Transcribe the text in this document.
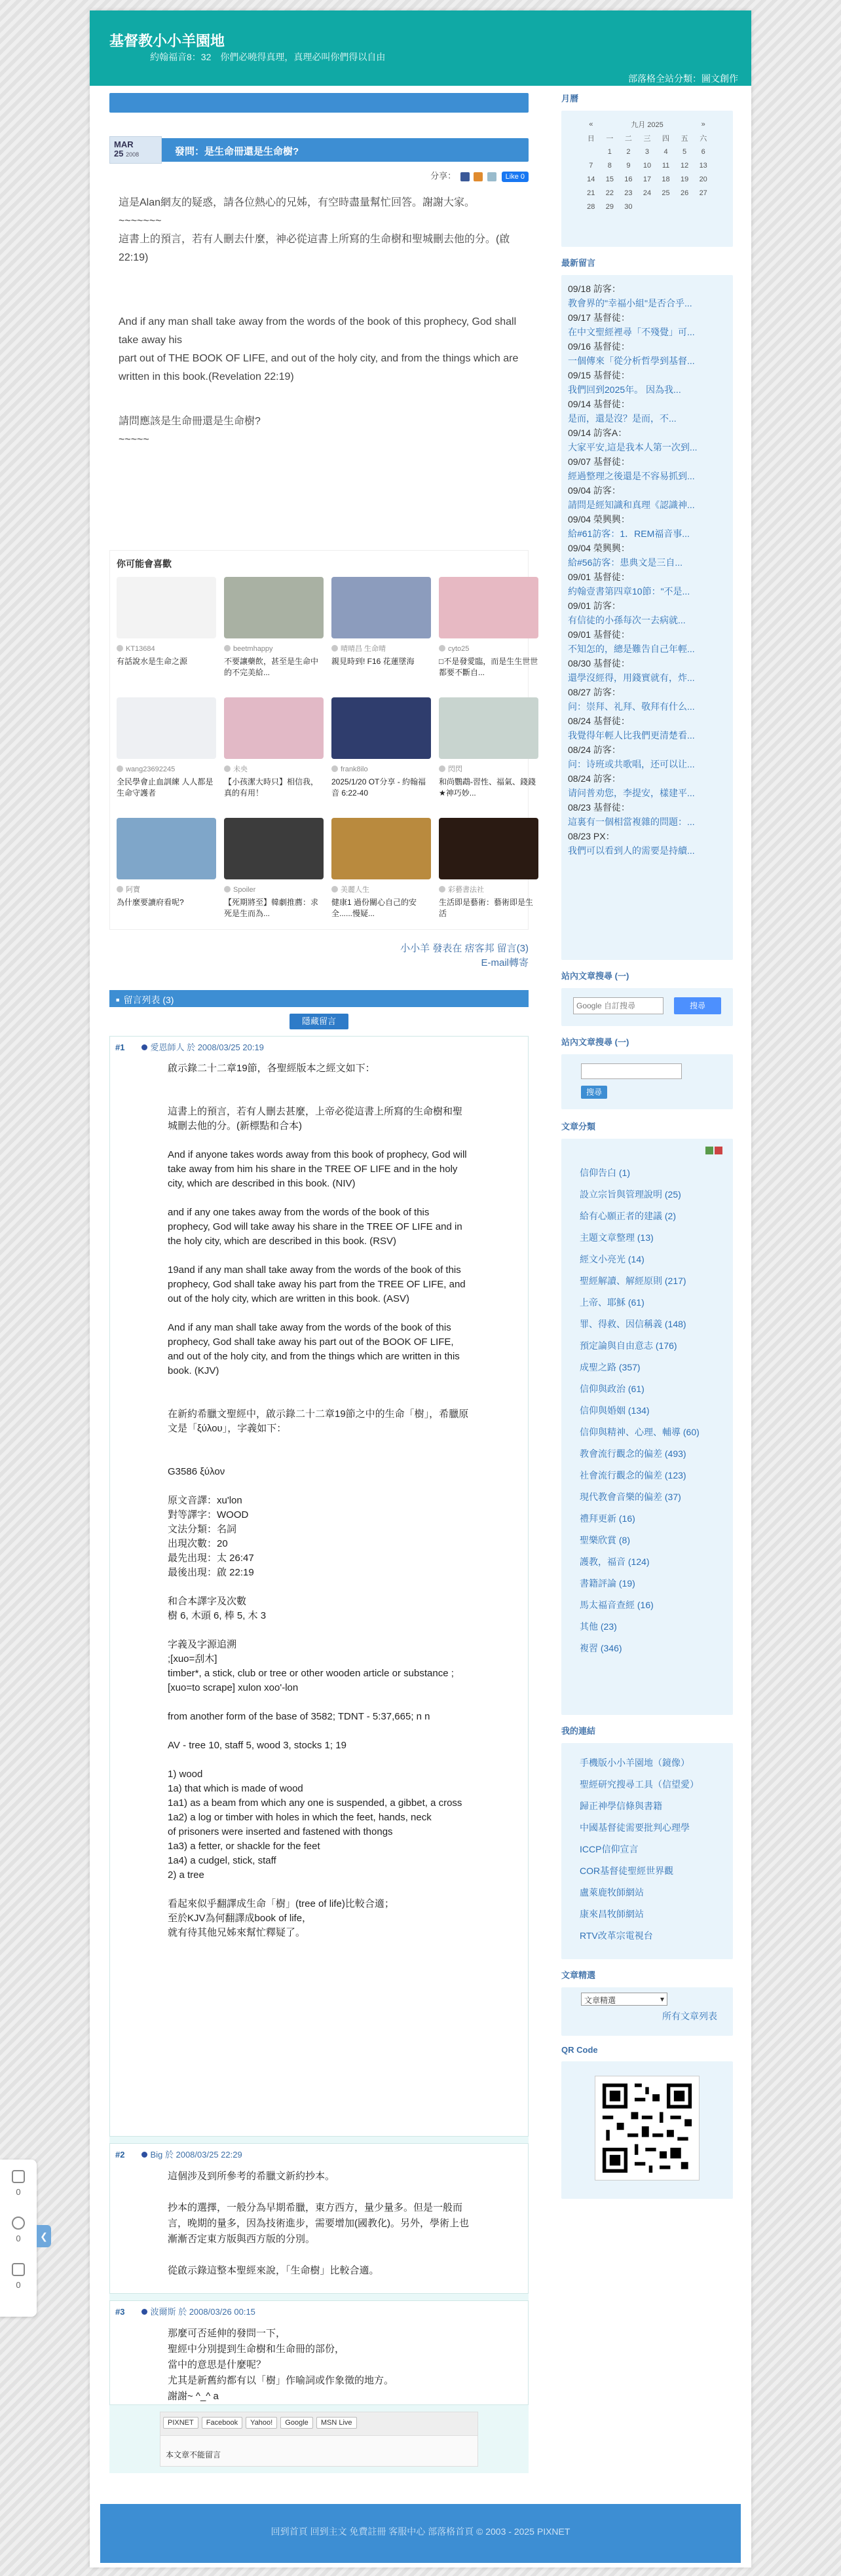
基督教小小羊園地
約翰福音8：32　你們必曉得真理，真理必叫你們得以自由
部落格全站分類：圖文創作
MAR
25 2008	發問：是生命冊還是生命樹?
分享：	Like 0

這是Alan網友的疑惑，請各位熱心的兄姊，有空時盡量幫忙回答。謝謝大家。
~~~~~~~
這書上的預言，若有人刪去什麼，神必從這書上所寫的生命樹和聖城刪去他的分。(啟22:19)

And if any man shall take away from the words of the book of this prophecy, God shall take away his
part out of THE BOOK OF LIFE, and out of the holy city, and from the things which are written in this book.(Revelation 22:19)

請問應該是生命冊還是生命樹?
~~~~~

你可能會喜歡
KT13684
有話說水是生命之源
beetmhappy
不要讓藥飲，甚至是生命中的不完美給...
晴晴昌 生命晴
親見時到! F16 花蓮墜海
cyto25
□不是發愛臨，而是生生世世都要不斷自...
wang23692245
全民學會止血訓練 人人都是生命守護者
未央
【小孩潔大時只】相信我，真的有用！
frank8ilo
2025/1/20 OT分享 - 約翰福音 6:22-40
閃閃
和尚鸚鵡-習性、福氣、錢錢★神巧妙...
阿寶
為什麼要讀府看呢?
Spoiler
【死期將至】韓劇推薦：求死是生而為...
美麗人生
健康1 過份關心自己的安全......慢疑...
彩藝書法社
生活即是藝術：藝術即是生活
小小羊 發表在 痞客邦 留言(3)
E-mail轉寄
■ 留言列表 (3)
隱藏留言
#1	愛恩師人 於 2008/03/25 20:19
啟示錄二十二章19節，各聖經版本之經文如下：

這書上的預言，若有人刪去甚麼，上帝必從這書上所寫的生命樹和聖城刪去他的分。(新標點和合本)

And if anyone takes words away from this book of prophecy, God will take away from him his share in the TREE OF LIFE and in the holy city, which are described in this book. (NIV)

and if any one takes away from the words of the book of this prophecy, God will take away his share in the TREE OF LIFE and in the holy city, which are described in this book. (RSV)

19and if any man shall take away from the words of the book of this prophecy, God shall take away his part from the TREE OF LIFE, and out of the holy city, which are written in this book. (ASV)

And if any man shall take away from the words of the book of this prophecy, God shall take away his part out of the BOOK OF LIFE, and out of the holy city, and from the things which are written in this book. (KJV)

在新約希臘文聖經中，啟示錄二十二章19節之中的生命「樹」，希臘原文是「ξύλου」，字義如下：

G3586 ξύλον

原文音譯：xu'lon
對等譯字：WOOD
文法分類：名詞
出現次數：20
最先出現：太 26:47
最後出現：啟 22:19

和合本譯字及次數
樹 6, 木頭 6, 棒 5, 木 3

字義及字源追溯
;[xuo=刮木]
timber*, a stick, club or tree or other wooden article or substance ;[xuo=to scrape] xulon xoo'-lon

from another form of the base of 3582; TDNT - 5:37,665; n n

AV - tree 10, staff 5, wood 3, stocks 1; 19

1) wood
1a) that which is made of wood
1a1) as a beam from which any one is suspended, a gibbet, a cross
1a2) a log or timber with holes in which the feet, hands, neck
of prisoners were inserted and fastened with thongs
1a3) a fetter, or shackle for the feet
1a4) a cudgel, stick, staff
2) a tree

看起來似乎翻譯成生命「樹」(tree of life)比較合適；
至於KJV為何翻譯成book of life，
就有待其他兄姊來幫忙釋疑了。
#2	Big 於 2008/03/25 22:29
這個涉及到所參考的希臘文新約抄本。

抄本的選擇，一般分為早期希臘，東方西方，量少量多。但是一般而言，晚期的量多，因為技術進步，需要增加(國教化)。另外，學術上也漸漸否定東方版與西方版的分別。

從啟示錄這整本聖經來說，「生命樹」比較合適。
#3	波爾斯 於 2008/03/26 00:15
那麼可否延伸的發問一下，
聖經中分別提到生命樹和生命冊的部份，
當中的意思是什麼呢？
尤其是新舊約都有以「樹」作喻詞或作象徵的地方。
謝謝~ ^_^ a
PIXNET Facebook Yahoo! Google MSN Live
本文章不能留言
月曆
«	九月 2025					»
日	一	二	三	四	五	六
	1	2	3	4	5	6
7	8	9	10	11	12	13
14	15	16	17	18	19	20
21	22	23	24	25	26	27
28	29	30				
最新留言
09/18 訪客：
教會界的"幸福小組"是否合乎...
09/17 基督徒：
在中文聖經裡尋「不殘覺」可...
09/16 基督徒：
一個傳來「從分析哲學到基督...
09/15 基督徒：
我們回到2025年。 因為我...
09/14 基督徒：
是而，還是沒？是而，不...
09/14 訪客A：
大家平安,這是我本人第一次到...
09/07 基督徒：
經過整理之後還是不容易抓到...
09/04 訪客：
請問是經知識和真理《認識神...
09/04 榮興興：
給#61訪客：1．REM福音事...
09/04 榮興興：
給#56訪客：患典文是三自...
09/01 基督徒：
約翰壹書第四章10節："不是...
09/01 訪客：
有信徒的小孫每次一去病就...
09/01 基督徒：
不知怎的，總是難告自己年輕...
08/30 基督徒：
還學沒經得，用錢實就有，炸...
08/27 訪客：
问：崇拜、礼拜、敬拜有什么...
08/24 基督徒：
我覺得年輕人比我們更清楚看...
08/24 訪客：
问：诗班或共歌唱，还可以让...
08/24 訪客：
请问普劝您，李提安，樣建平...
08/23 基督徒：
這裏有一個相當複雜的問題：...
08/23 PX：
我們可以看到人的需要是持續...
站內文章搜尋 (一)
Google 自訂搜尋
搜尋
站內文章搜尋 (一)
搜尋
文章分類
信仰告白 (1)
設立宗旨與管理說明 (25)
給有心願正者的建議 (2)
主題文章整理 (13)
經文小亮光 (14)
聖經解讀、解經原則 (217)
上帝、耶穌 (61)
罪、得救、因信稱義 (148)
預定論與自由意志 (176)
成聖之路 (357)
信仰與政治 (61)
信仰與婚姻 (134)
信仰與精神、心理、輔導 (60)
教會流行觀念的偏差 (493)
社會流行觀念的偏差 (123)
現代教會音樂的偏差 (37)
禮拜更新 (16)
聖樂欣賞 (8)
護教，福音 (124)
書籍評論 (19)
馬太福音查經 (16)
其他 (23)
複習 (346)
我的連結
手機版小小羊園地（鏡像）
聖經研究搜尋工具（信望愛）
歸正神學信條與書籍
中國基督徒需要批判心理學
ICCP信仰宣言
COR基督徒聖經世界觀
盧萊鹿牧師網站
康來昌牧師網站
RTV改革宗電視台
文章精選
文章精選	▾
所有文章列表
QR Code
回到首頁 回到主文 免費註冊 客服中心 部落格首頁 © 2003 - 2025 PIXNET
0
0
0
❮
